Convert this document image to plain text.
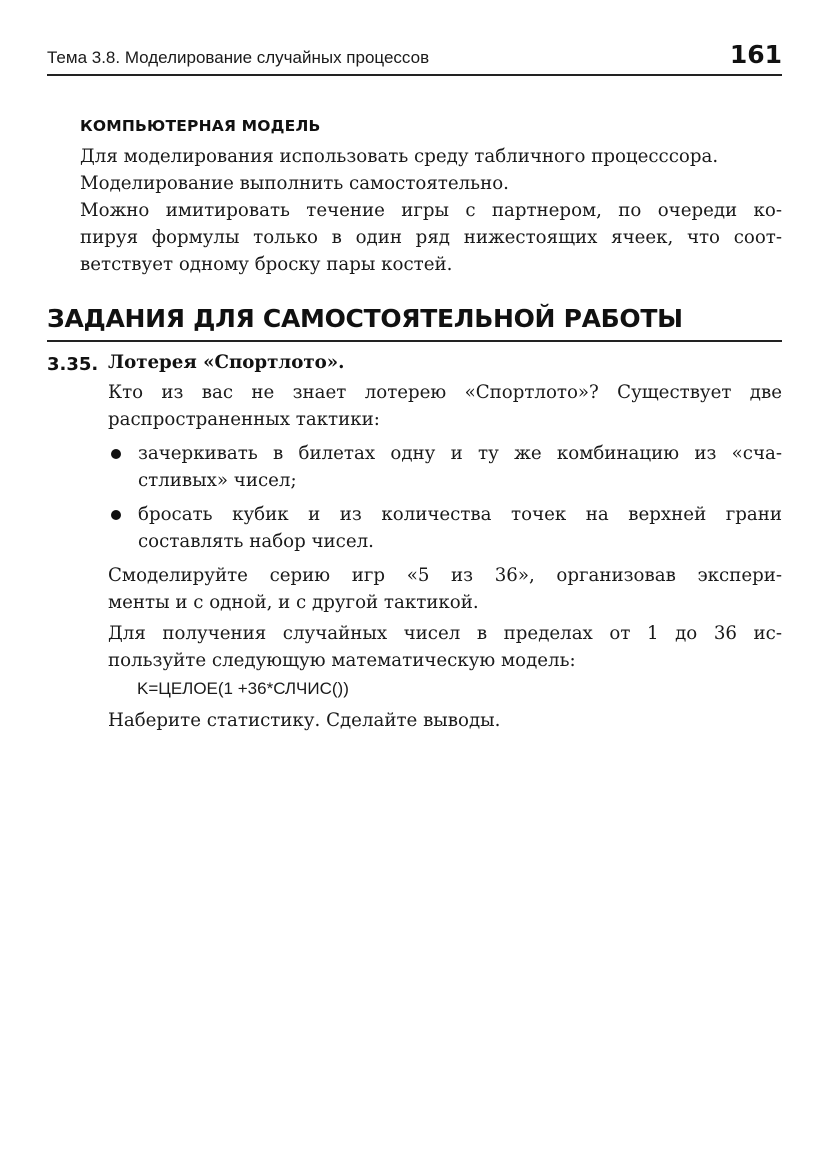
Тема 3.8. Моделирование случайных процессов	161
КОМПЬЮТЕРНАЯ МОДЕЛЬ
Для моделирования использовать среду табличного процесссора.
Моделирование выполнить самостоятельно.
Можно имитировать течение игры с партнером, по очереди ко-
пируя формулы только в один ряд нижестоящих ячеек, что соот-
ветствует одному броску пары костей.
ЗАДАНИЯ ДЛЯ САМОСТОЯТЕЛЬНОЙ РАБОТЫ
3.35. Лотерея «Спортлото».
Кто из вас не знает лотерею «Спортлото»? Существует две
распространенных тактики:
зачеркивать в билетах одну и ту же комбинацию из «сча-
стливых» чисел;
бросать кубик и из количества точек на верхней грани
составлять набор чисел.
Смоделируйте серию игр «5 из 36», организовав экспери-
менты и с одной, и с другой тактикой.
Для получения случайных чисел в пределах от 1 до 36 ис-
пользуйте следующую математическую модель:
K=ЦЕЛОЕ(1 +36*СЛЧИС())
Наберите статистику. Сделайте выводы.
